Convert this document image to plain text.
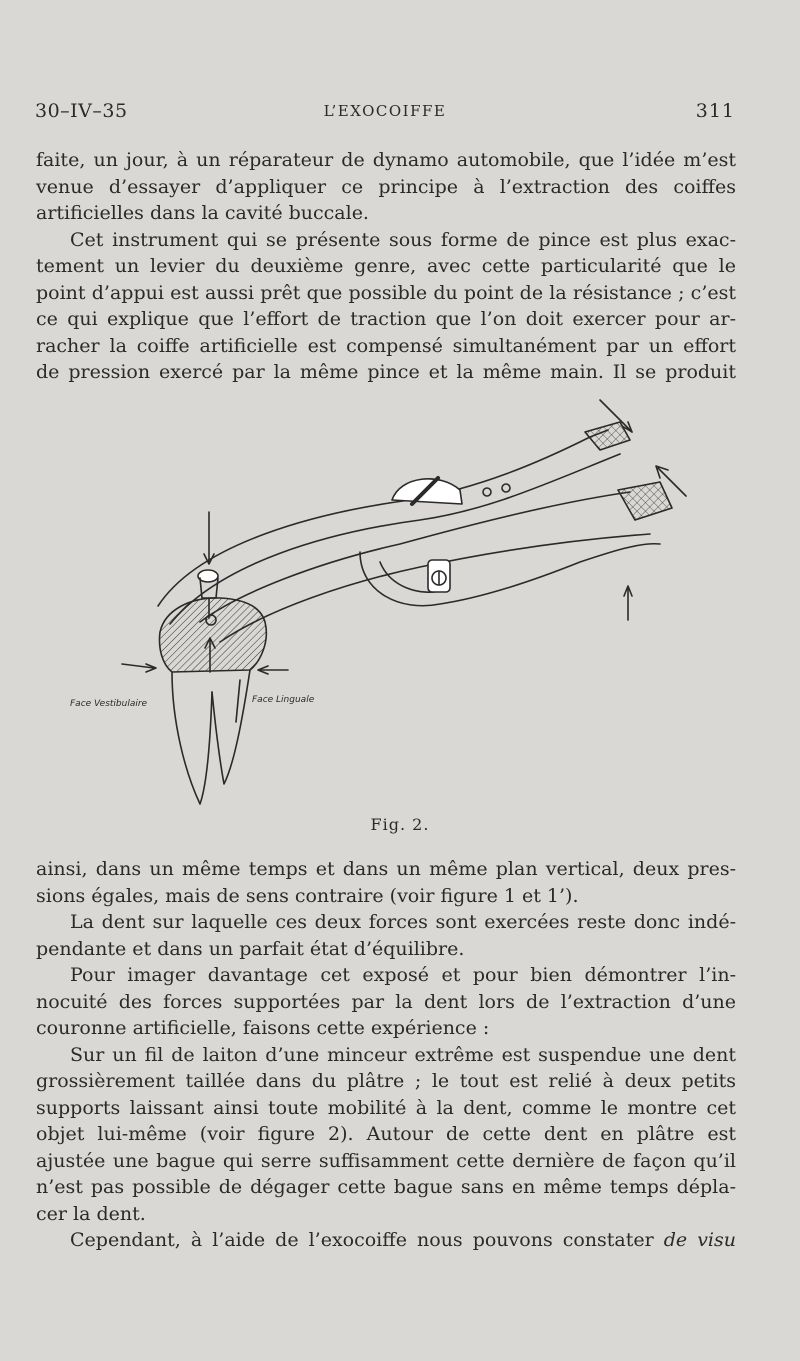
30–IV–35	L’EXOCOIFFE	311
faite, un jour, à un réparateur de dynamo automobile, que l’idée m’est
venue d’essayer d’appliquer ce principe à l’extraction des coiffes
artificielles dans la cavité buccale.
Cet instrument qui se présente sous forme de pince est plus exac-
tement un levier du deuxième genre, avec cette particularité que le
point d’appui est aussi prêt que possible du point de la résistance ; c’est
ce qui explique que l’effort de traction que l’on doit exercer pour ar-
racher la coiffe artificielle est compensé simultanément par un effort
de pression exercé par la même pince et la même main. Il se produit
Face Vestibulaire	Face Linguale
Fig. 2.
ainsi, dans un même temps et dans un même plan vertical, deux pres-
sions égales, mais de sens contraire (voir figure 1 et 1’).
La dent sur laquelle ces deux forces sont exercées reste donc indé-
pendante et dans un parfait état d’équilibre.
Pour imager davantage cet exposé et pour bien démontrer l’in-
nocuité des forces supportées par la dent lors de l’extraction d’une
couronne artificielle, faisons cette expérience :
Sur un fil de laiton d’une minceur extrême est suspendue une dent
grossièrement taillée dans du plâtre ; le tout est relié à deux petits
supports laissant ainsi toute mobilité à la dent, comme le montre cet
objet lui-même (voir figure 2). Autour de cette dent en plâtre est
ajustée une bague qui serre suffisamment cette dernière de façon qu’il
n’est pas possible de dégager cette bague sans en même temps dépla-
cer la dent.
Cependant, à l’aide de l’exocoiffe nous pouvons constater de visu
